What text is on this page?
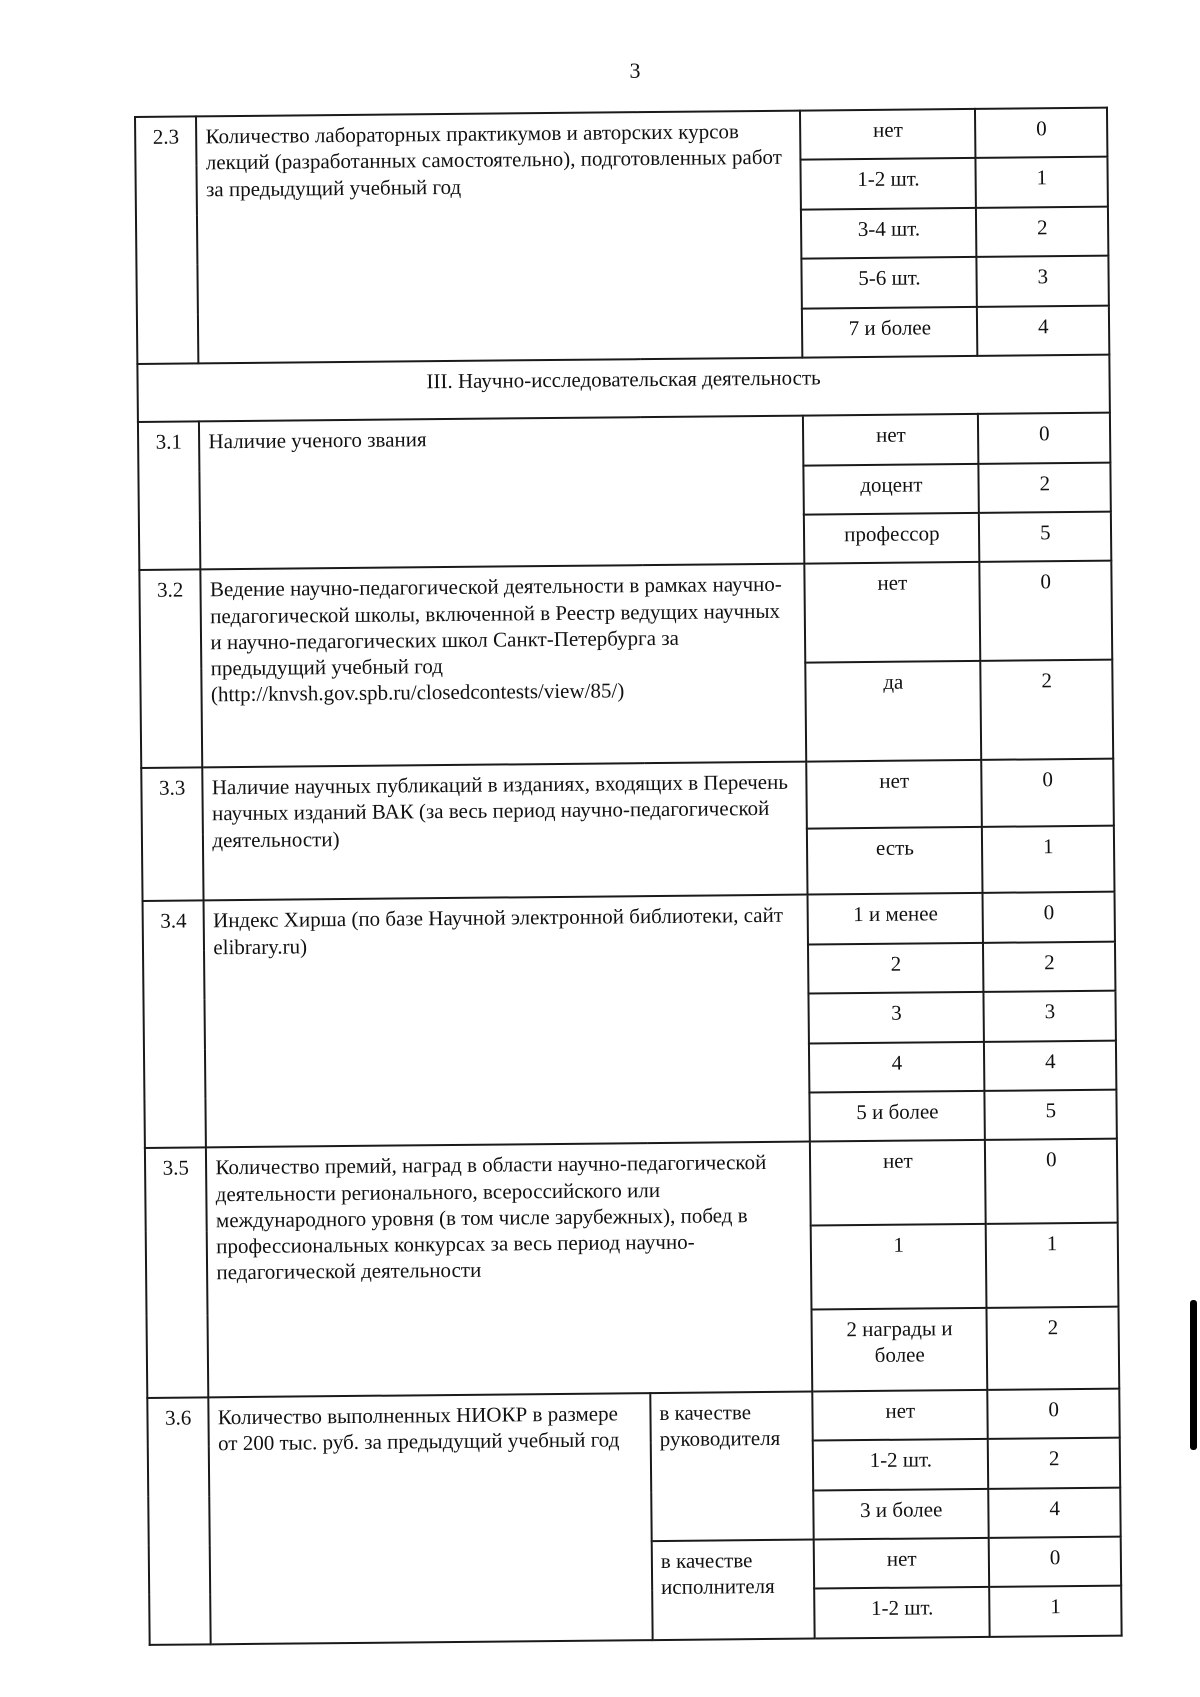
3
2.3	Количество лабораторных практикумов и авторских курсов лекций (разработанных самостоятельно), подготовленных работ за предыдущий учебный год		нет	0
			1-2 шт.	1
			3-4 шт.	2
			5-6 шт.	3
			7 и более	4
III. Научно-исследовательская деятельность				
3.1	Наличие ученого звания		нет	0
			доцент	2
			профессор	5
3.2	Ведение научно-педагогической деятельности в рамках научно-педагогической школы, включенной в Реестр ведущих научных и научно-педагогических школ Санкт-Петербурга за предыдущий учебный год (http://knvsh.gov.spb.ru/closedcontests/view/85/)		нет	0
			да	2
3.3	Наличие научных публикаций в изданиях, входящих в Перечень научных изданий ВАК (за весь период научно-педагогической деятельности)		нет	0
			есть	1
3.4	Индекс Хирша (по базе Научной электронной библиотеки, сайт elibrary.ru)		1 и менее	0
			2	2
			3	3
			4	4
			5 и более	5
3.5	Количество премий, наград в области научно-педагогической деятельности регионального, всероссийского или международного уровня (в том числе зарубежных), побед в профессиональных конкурсах за весь период научно-педагогической деятельности		нет	0
			1	1
			2 награды и более	2
3.6	Количество выполненных НИОКР в размере от 200 тыс. руб. за предыдущий учебный год	в качестве руководителя	нет	0
			1-2 шт.	2
			3 и более	4
		в качестве исполнителя	нет	0
			1-2 шт.	1
